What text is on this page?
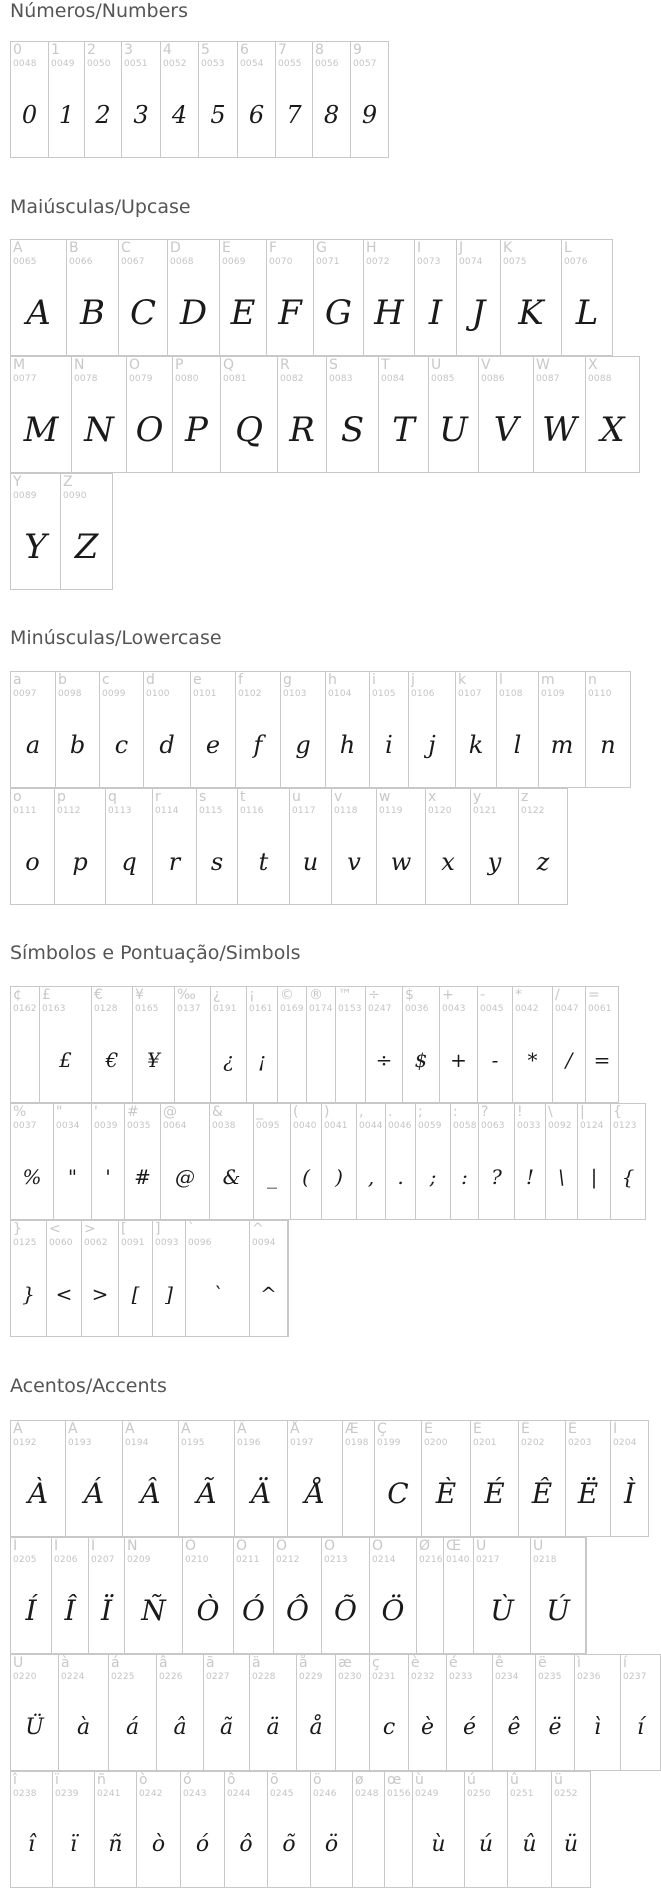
Números/Numbers
Maiúsculas/Upcase
Minúsculas/Lowercase
Símbolos e Pontuação/Simbols
Acentos/Accents
0
0048
0
1
0049
1
2
0050
2
3
0051
3
4
0052
4
5
0053
5
6
0054
6
7
0055
7
8
0056
8
9
0057
9
A
0065
A
B
0066
B
C
0067
C
D
0068
D
E
0069
E
F
0070
F
G
0071
G
H
0072
H
I
0073
I
J
0074
J
K
0075
K
L
0076
L
M
0077
M
N
0078
N
O
0079
O
P
0080
P
Q
0081
Q
R
0082
R
S
0083
S
T
0084
T
U
0085
U
V
0086
V
W
0087
W
X
0088
X
Y
0089
Y
Z
0090
Z
a
0097
a
b
0098
b
c
0099
c
d
0100
d
e
0101
e
f
0102
f
g
0103
g
h
0104
h
i
0105
i
j
0106
j
k
0107
k
l
0108
l
m
0109
m
n
0110
n
o
0111
o
p
0112
p
q
0113
q
r
0114
r
s
0115
s
t
0116
t
u
0117
u
v
0118
v
w
0119
w
x
0120
x
y
0121
y
z
0122
z
¢
0162
£
0163
£
€
0128
€
¥
0165
¥
‰
0137
¿
0191
¿
¡
0161
¡
©
0169
®
0174
™
0153
÷
0247
÷
$
0036
$
+
0043
+
-
0045
-
*
0042
*
/
0047
/
=
0061
=
%
0037
%
"
0034
"
'
0039
'
#
0035
#
@
0064
@
&
0038
&
_
0095
_
(
0040
(
)
0041
)
,
0044
,
.
0046
.
;
0059
;
:
0058
:
?
0063
?
!
0033
!
\
0092
\
|
0124
|
{
0123
{
}
0125
}
<
0060
<
>
0062
>
[
0091
[
]
0093
]
`
0096
`
^
0094
^
À
0192
À
Á
0193
Á
Â
0194
Â
Ã
0195
Ã
Ä
0196
Ä
Å
0197
Å
Æ
0198
Ç
0199
C
È
0200
È
É
0201
É
Ê
0202
Ê
Ë
0203
Ë
Ì
0204
Ì
Í
0205
Í
Î
0206
Î
Ï
0207
Ï
Ñ
0209
Ñ
Ò
0210
Ò
Ó
0211
Ó
Ô
0212
Ô
Õ
0213
Õ
Ö
0214
Ö
Ø
0216
Œ
0140
Ù
0217
Ù
Ú
0218
Ú
Ü
0220
Ü
à
0224
à
á
0225
á
â
0226
â
ã
0227
ã
ä
0228
ä
å
0229
å
æ
0230
ç
0231
c
è
0232
è
é
0233
é
ê
0234
ê
ë
0235
ë
ì
0236
ì
í
0237
í
î
0238
î
ï
0239
ï
ñ
0241
ñ
ò
0242
ò
ó
0243
ó
ô
0244
ô
õ
0245
õ
ö
0246
ö
ø
0248
œ
0156
ù
0249
ù
ú
0250
ú
û
0251
û
ü
0252
ü
